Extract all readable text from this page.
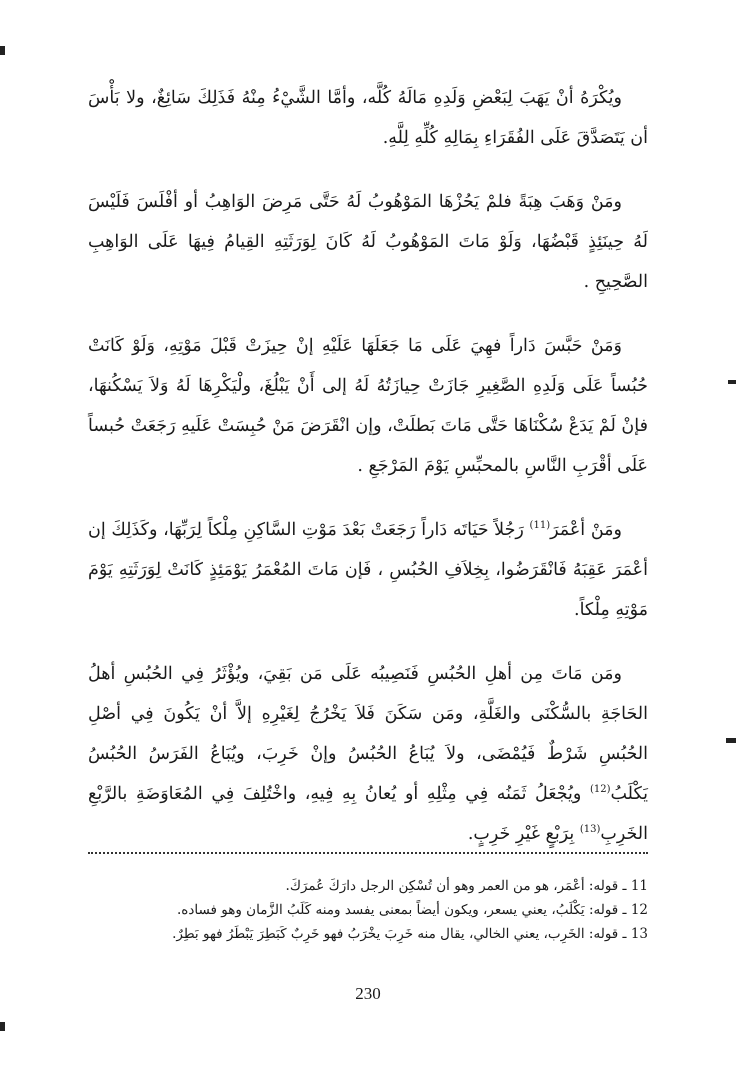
ويُكْرَهُ أنْ يَهَبَ لِبَعْضِ وَلَدِهِ مَالَهُ كُلَّه، وأمَّا الشَّيْءُ مِنْهُ فَذَلِكَ سَائِغٌ، ولا بَأْسَ أن يَتَصَدَّقَ عَلَى الفُقَرَاءِ بِمَالِهِ كُلِّهِ لِلَّهِ.

ومَنْ وَهَبَ هِبَةً فلمْ يَحُزْهَا المَوْهُوبُ لَهُ حَتَّى مَرِضَ الوَاهِبُ أو أفْلَسَ فَلَيْسَ لَهُ حِينَئِذٍ قَبْضُهَا، وَلَوْ مَاتَ المَوْهُوبُ لَهُ كَانَ لِوَرَثَتِهِ القِيامُ فِيهَا عَلَى الوَاهِبِ الصَّحِيحِ .

وَمَنْ حَبَّسَ دَاراً فهِيَ عَلَى مَا جَعَلَهَا عَلَيْهِ إنْ حِيزَتْ قَبْلَ مَوْتِهِ، وَلَوْ كَانَتْ حُبُساً عَلَى وَلَدِهِ الصَّغِيرِ جَازَتْ حِيازَتُهُ لَهُ إلى أَنْ يَبْلُغَ، ولْيَكْرِهَا لَهُ وَلاَ يَسْكُنهَا، فإنْ لَمْ يَدَعْ سُكْنَاهَا حَتَّى مَاتَ بَطلَتْ، وإن انْقَرَضَ مَنْ حُبِسَتْ عَلَيهِ رَجَعَتْ حُبساً عَلَى أقْرَبِ النَّاسِ بالمحبِّسِ يَوْمَ المَرْجَعِ .

ومَنْ أعْمَرَ$^{(11)}$ رَجُلاً حَيَاتَه دَاراً رَجَعَتْ بَعْدَ مَوْتِ السَّاكِنِ مِلْكاً لِرَبِّهَا، وكَذَلِكَ إن أعْمَرَ عَقِبَهُ فَانْقَرَضُوا، بِخِلاَفِ الحُبُسِ ، فَإن مَاتَ المُعْمَرُ يَوْمَئِذٍ كَانَتْ لِوَرَثَتِهِ يَوْمَ مَوْتِهِ مِلْكاً.

ومَن مَاتَ مِن أهلِ الحُبُسِ فَنَصِيبُه عَلَى مَن بَقِيَ، ويُؤْثَرُ فِي الحُبُسِ أهلُ الحَاجَةِ بالسُّكْنَى والغَلَّةِ، ومَن سَكَنَ فَلاَ يَخْرُجُ لِغَيْرِهِ إلاَّ أنْ يَكُونَ فِي أصْلِ الحُبُسِ شَرْطٌ فَيُمْضَى، ولاَ يُبَاعُ الحُبُسُ وإنْ خَرِبَ، ويُبَاعُ الفَرَسُ الحُبُسُ يَكْلَبُ$^{(12)}$ ويُجْعَلُ ثَمَنُه فِي مِثْلِهِ أو يُعانُ بِهِ فِيهِ، واخْتُلِفَ فِي المُعَاوَضَةِ بالرَّبْعِ الخَرِبِ$^{(13)}$ بِرَبْعٍ غَيْرِ خَرِبٍ.

11 ـ قوله: أعْمَر، هو من العمر وهو أن تُسْكِن الرجل دارَكَ عُمرَكَ.

12 ـ قوله: يَكْلَبُ، يعني يسعر، ويكون أيضاً بمعنى يفسد ومنه كَلَبُ الزَّمان وهو فساده.

13 ـ قوله: الخَرِب، يعني الخالي، يقال منه خَرِبَ يخْرَبُ فهو خَرِبٌ كَبَطِرَ يَبْطَرُ فهو بَطِرٌ.

230
